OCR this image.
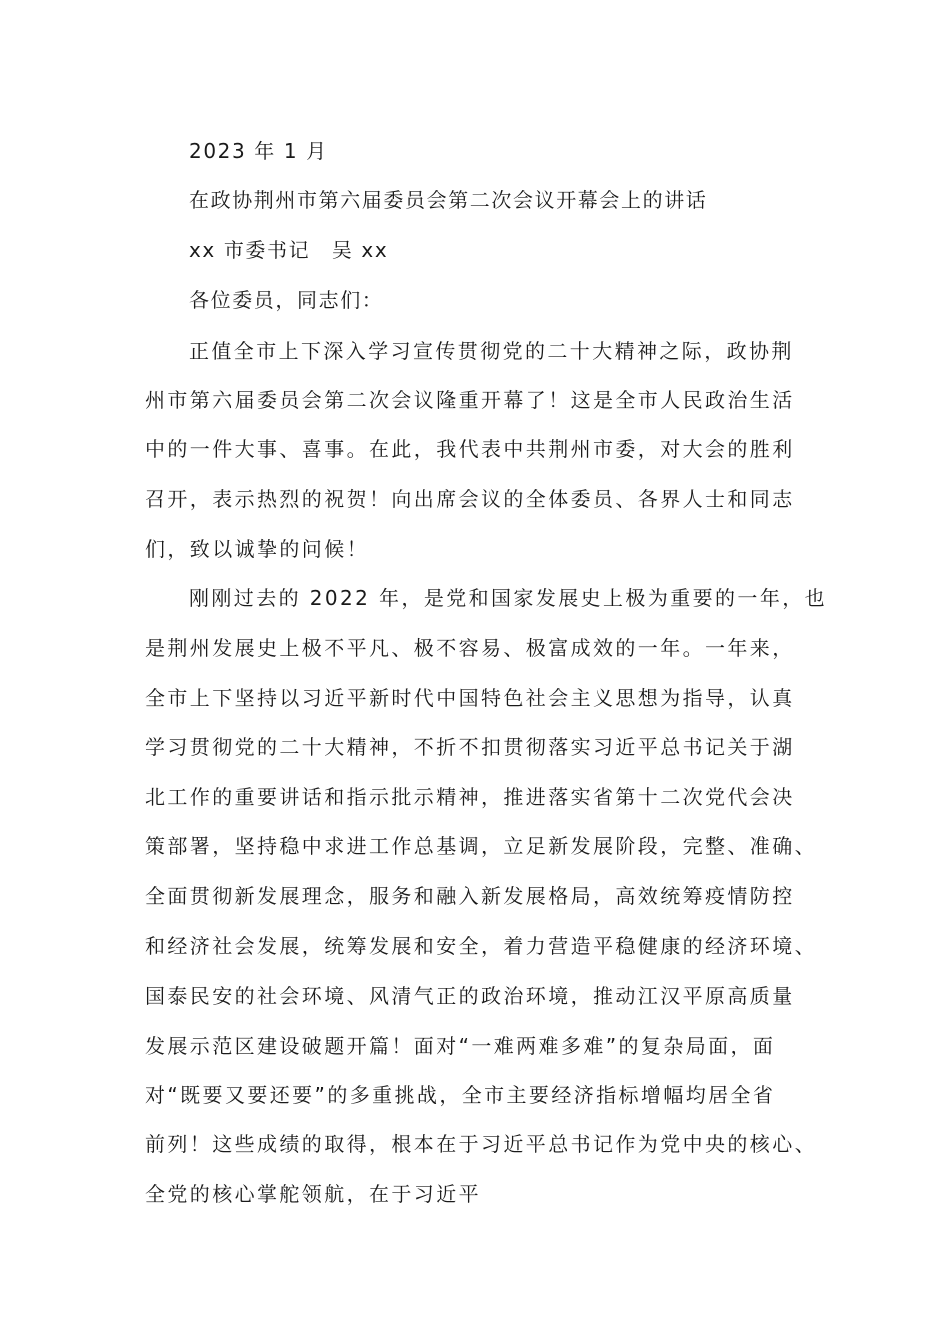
2023 年 1 月
在政协荆州市第六届委员会第二次会议开幕会上的讲话
xx 市委书记　吴 xx
各位委员，同志们：
正值全市上下深入学习宣传贯彻党的二十大精神之际，政协荆
州市第六届委员会第二次会议隆重开幕了！这是全市人民政治生活
中的一件大事、喜事。在此，我代表中共荆州市委，对大会的胜利
召开，表示热烈的祝贺！向出席会议的全体委员、各界人士和同志
们，致以诚挚的问候！
刚刚过去的 2022 年，是党和国家发展史上极为重要的一年，也
是荆州发展史上极不平凡、极不容易、极富成效的一年。一年来，
全市上下坚持以习近平新时代中国特色社会主义思想为指导，认真
学习贯彻党的二十大精神，不折不扣贯彻落实习近平总书记关于湖
北工作的重要讲话和指示批示精神，推进落实省第十二次党代会决
策部署，坚持稳中求进工作总基调，立足新发展阶段，完整、准确、
全面贯彻新发展理念，服务和融入新发展格局，高效统筹疫情防控
和经济社会发展，统筹发展和安全，着力营造平稳健康的经济环境、
国泰民安的社会环境、风清气正的政治环境，推动江汉平原高质量
发展示范区建设破题开篇！面对“一难两难多难”的复杂局面，面
对“既要又要还要”的多重挑战，全市主要经济指标增幅均居全省
前列！这些成绩的取得，根本在于习近平总书记作为党中央的核心、
全党的核心掌舵领航，在于习近平
